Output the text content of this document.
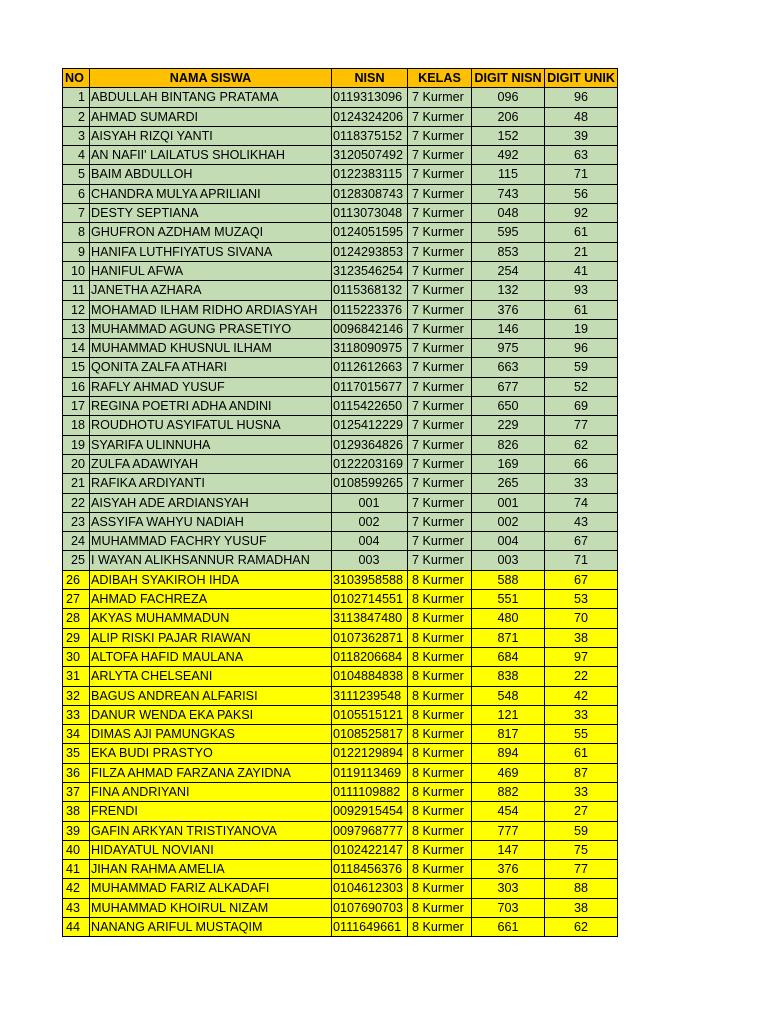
NO	NAMA SISWA	NISN	KELAS	DIGIT NISN	DIGIT UNIK
1	ABDULLAH BINTANG PRATAMA	0119313096	7 Kurmer	096	96
2	AHMAD SUMARDI	0124324206	7 Kurmer	206	48
3	AISYAH RIZQI YANTI	0118375152	7 Kurmer	152	39
4	AN NAFII' LAILATUS SHOLIKHAH	3120507492	7 Kurmer	492	63
5	BAIM ABDULLOH	0122383115	7 Kurmer	115	71
6	CHANDRA MULYA APRILIANI	0128308743	7 Kurmer	743	56
7	DESTY SEPTIANA	0113073048	7 Kurmer	048	92
8	GHUFRON AZDHAM MUZAQI	0124051595	7 Kurmer	595	61
9	HANIFA LUTHFIYATUS SIVANA	0124293853	7 Kurmer	853	21
10	HANIFUL AFWA	3123546254	7 Kurmer	254	41
11	JANETHA AZHARA	0115368132	7 Kurmer	132	93
12	MOHAMAD ILHAM RIDHO ARDIASYAH	0115223376	7 Kurmer	376	61
13	MUHAMMAD AGUNG PRASETIYO	0096842146	7 Kurmer	146	19
14	MUHAMMAD KHUSNUL ILHAM	3118090975	7 Kurmer	975	96
15	QONITA ZALFA ATHARI	0112612663	7 Kurmer	663	59
16	RAFLY AHMAD YUSUF	0117015677	7 Kurmer	677	52
17	REGINA POETRI ADHA ANDINI	0115422650	7 Kurmer	650	69
18	ROUDHOTU ASYIFATUL HUSNA	0125412229	7 Kurmer	229	77
19	SYARIFA ULINNUHA	0129364826	7 Kurmer	826	62
20	ZULFA ADAWIYAH	0122203169	7 Kurmer	169	66
21	RAFIKA ARDIYANTI	0108599265	7 Kurmer	265	33
22	AISYAH ADE ARDIANSYAH	001	7 Kurmer	001	74
23	ASSYIFA WAHYU NADIAH	002	7 Kurmer	002	43
24	MUHAMMAD FACHRY YUSUF	004	7 Kurmer	004	67
25	I WAYAN ALIKHSANNUR RAMADHAN	003	7 Kurmer	003	71
26	ADIBAH SYAKIROH IHDA	3103958588	8 Kurmer	588	67
27	AHMAD FACHREZA	0102714551	8 Kurmer	551	53
28	AKYAS MUHAMMADUN	3113847480	8 Kurmer	480	70
29	ALIP RISKI PAJAR RIAWAN	0107362871	8 Kurmer	871	38
30	ALTOFA HAFID MAULANA	0118206684	8 Kurmer	684	97
31	ARLYTA CHELSEANI	0104884838	8 Kurmer	838	22
32	BAGUS ANDREAN ALFARISI	3111239548	8 Kurmer	548	42
33	DANUR WENDA EKA PAKSI	0105515121	8 Kurmer	121	33
34	DIMAS AJI PAMUNGKAS	0108525817	8 Kurmer	817	55
35	EKA BUDI PRASTYO	0122129894	8 Kurmer	894	61
36	FILZA AHMAD FARZANA ZAYIDNA	0119113469	8 Kurmer	469	87
37	FINA ANDRIYANI	0111109882	8 Kurmer	882	33
38	FRENDI	0092915454	8 Kurmer	454	27
39	GAFIN ARKYAN TRISTIYANOVA	0097968777	8 Kurmer	777	59
40	HIDAYATUL NOVIANI	0102422147	8 Kurmer	147	75
41	JIHAN RAHMA AMELIA	0118456376	8 Kurmer	376	77
42	MUHAMMAD FARIZ ALKADAFI	0104612303	8 Kurmer	303	88
43	MUHAMMAD KHOIRUL NIZAM	0107690703	8 Kurmer	703	38
44	NANANG ARIFUL MUSTAQIM	0111649661	8 Kurmer	661	62
